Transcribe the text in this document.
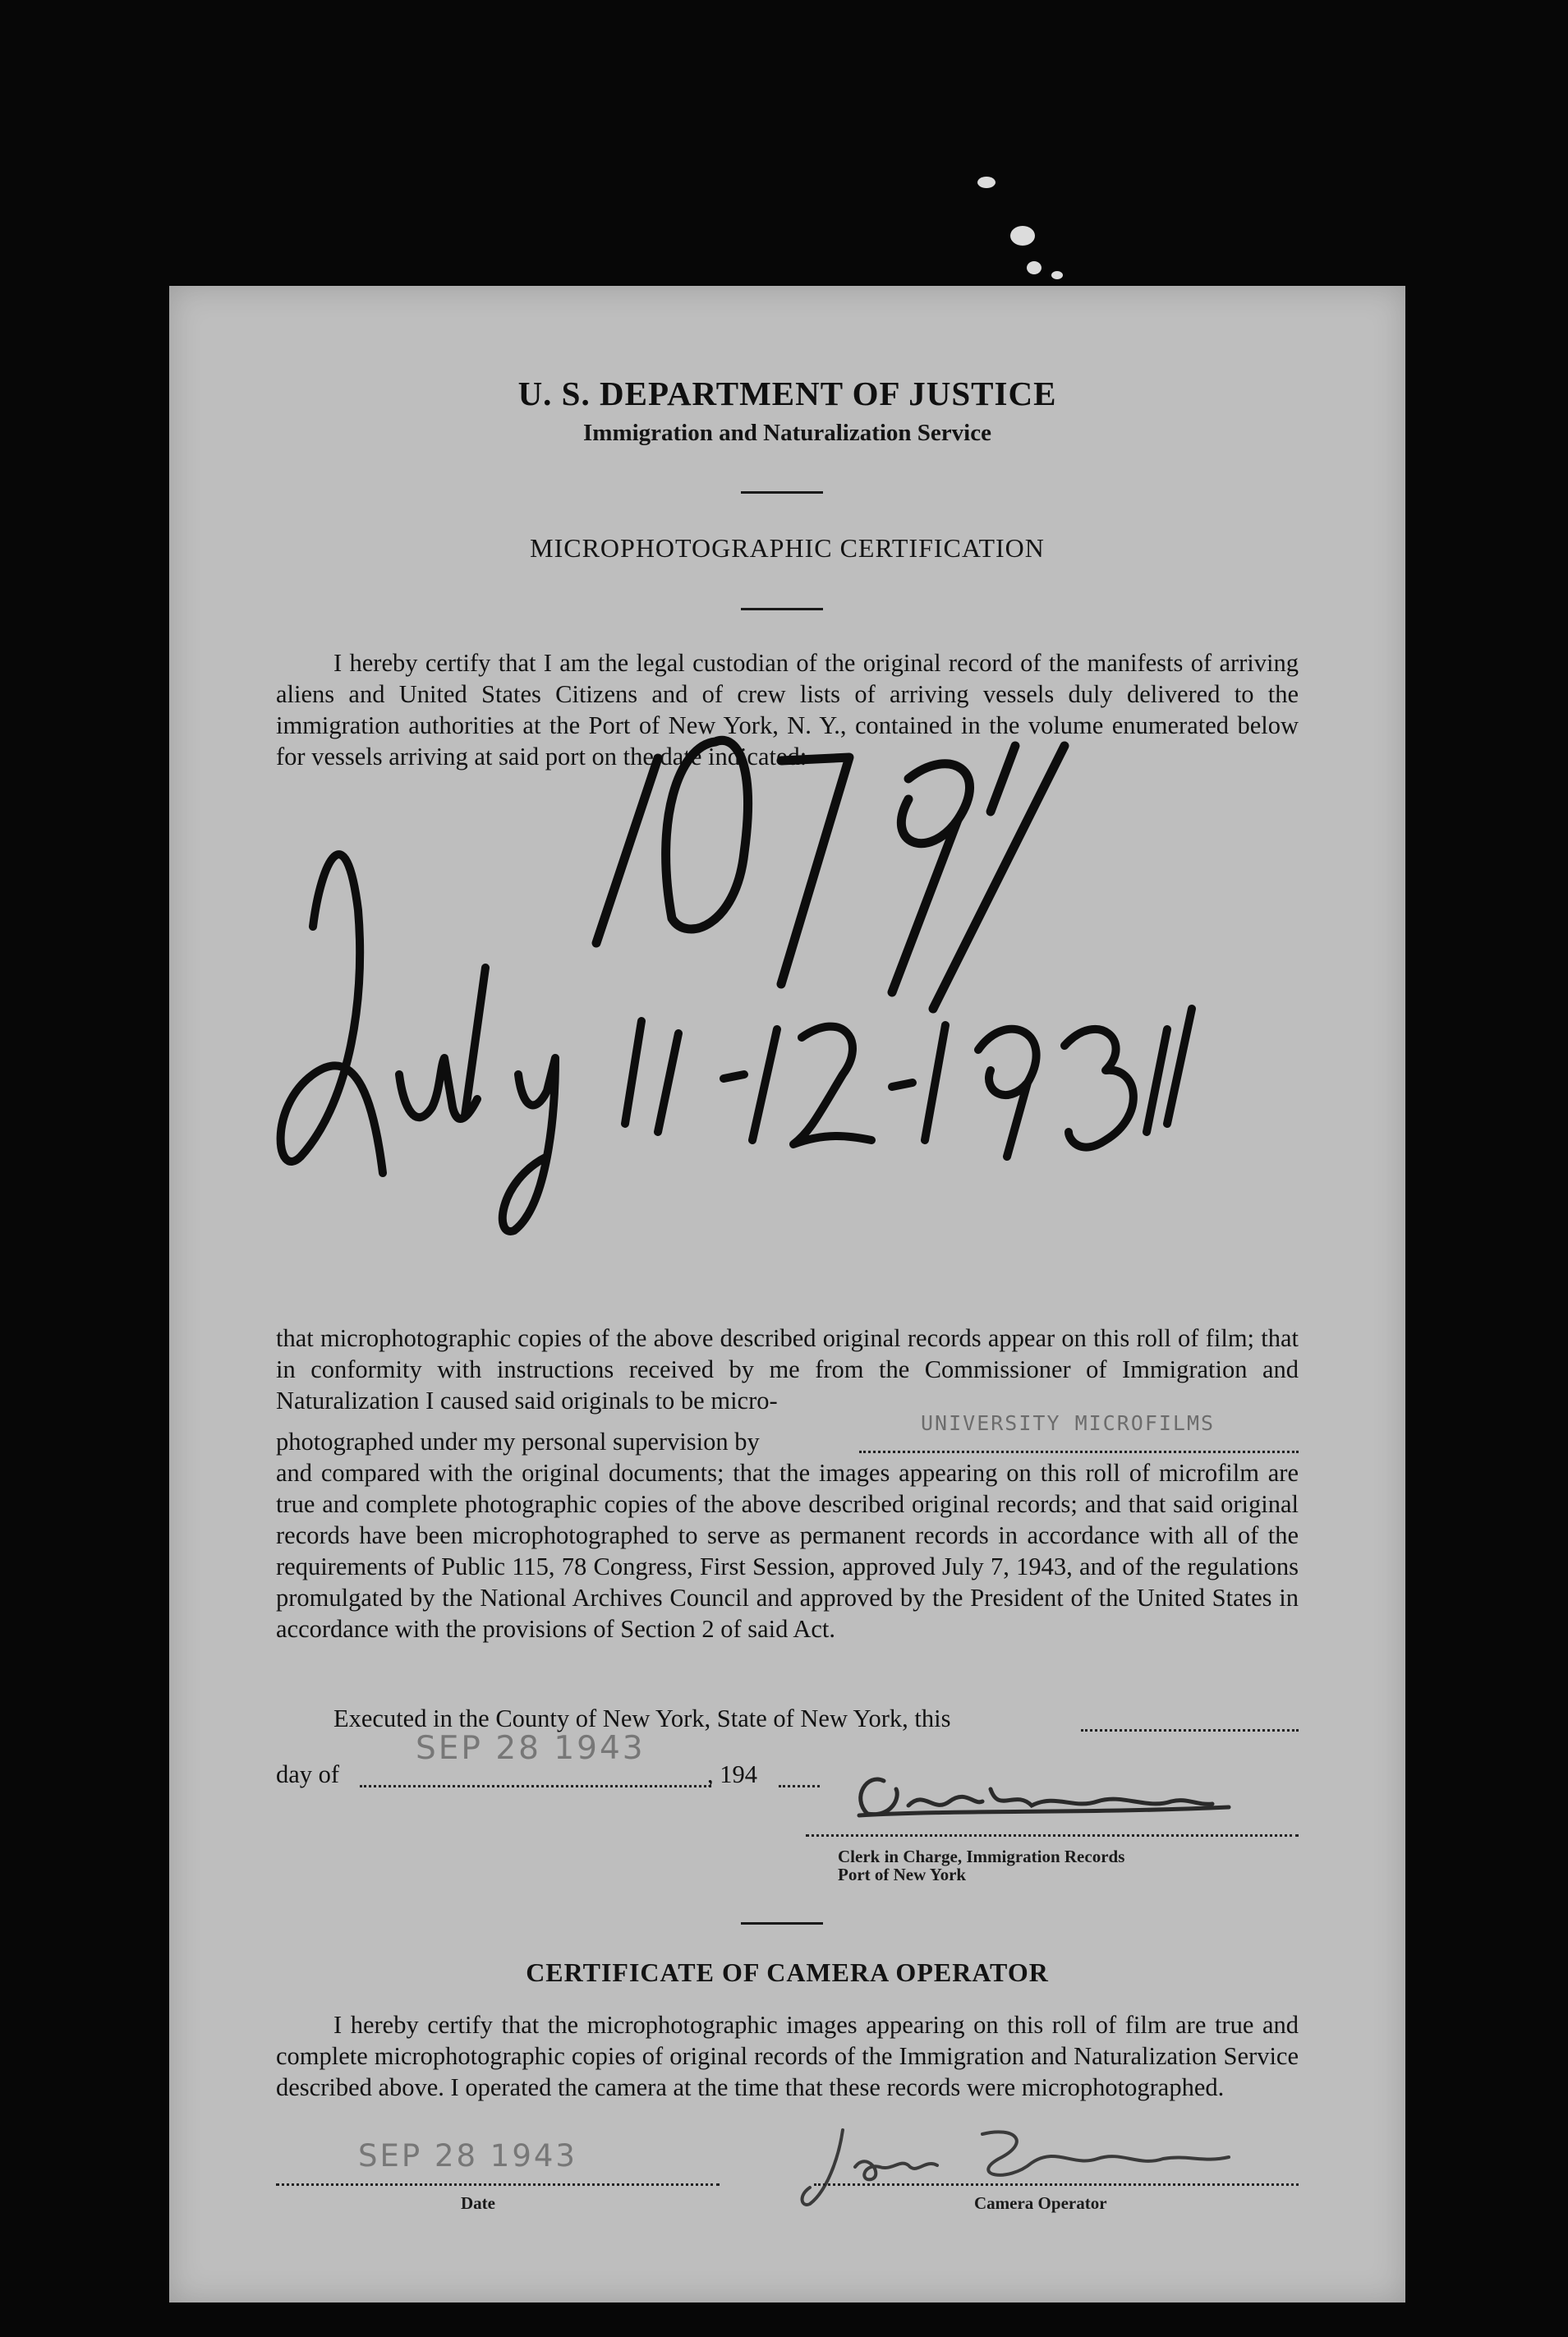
U. S. DEPARTMENT OF JUSTICE
Immigration and Naturalization Service
MICROPHOTOGRAPHIC CERTIFICATION

I hereby certify that I am the legal custodian of the original record of the manifests of arriving aliens and United States Citizens and of crew lists of arriving vessels duly delivered to the immigration authorities at the Port of New York, N. Y., contained in the volume enumerated below for vessels arriving at said port on the date indicated:

that microphotographic copies of the above described original records appear on this roll of film; that in conformity with instructions received by me from the Commissioner of Immigration and Naturalization I caused said originals to be micro-

photographed under my personal supervision by
UNIVERSITY MICROFILMS

and compared with the original documents; that the images appearing on this roll of microfilm are true and complete photographic copies of the above described original records; and that said original records have been microphotographed to serve as permanent records in accordance with all of the requirements of Public 115, 78 Congress, First Session, approved July 7, 1943, and of the regulations promulgated by the National Archives Council and approved by the President of the United States in accordance with the provisions of Section 2 of said Act.

Executed in the County of New York, State of New York, this
day of
SEP 28 1943
, 194
Clerk in Charge, Immigration Records
Port of New York
CERTIFICATE OF CAMERA OPERATOR

I hereby certify that the microphotographic images appearing on this roll of film are true and complete microphotographic copies of original records of the Immigration and Naturalization Service described above. I operated the camera at the time that these records were microphotographed.

SEP 28 1943
Date	Camera Operator
